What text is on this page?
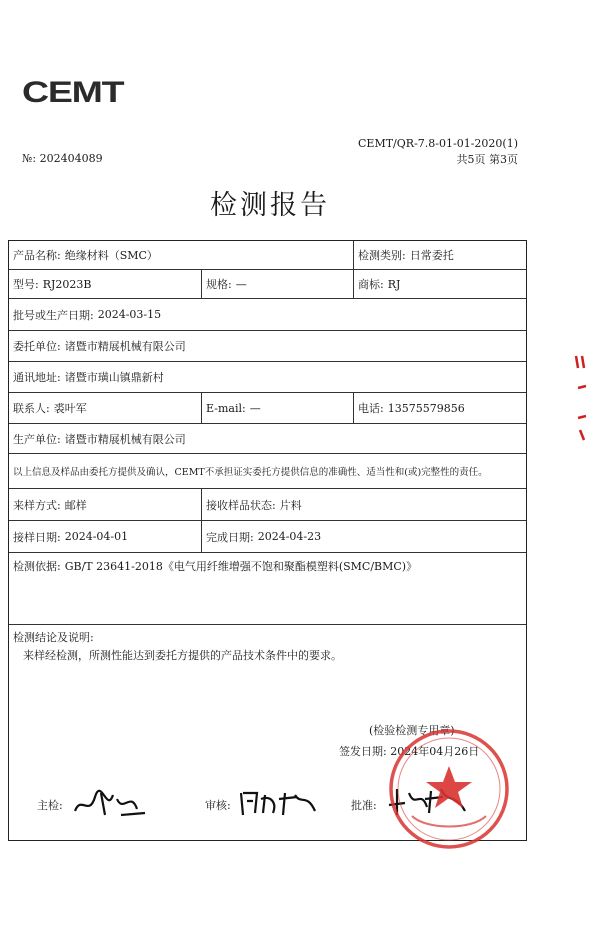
CEMT
CEMT/QR-7.8-01-01-2020(1)
共5页 第3页
№: 202404089
检测报告
产品名称: 绝缘材料（SMC）	检测类别: 日常委托
型号: RJ2023B	规格: —	商标: RJ
批号或生产日期: 2024-03-15
委托单位: 诸暨市精展机械有限公司
通讯地址: 诸暨市璜山镇鼎新村
联系人: 裘叶军	E-mail: —	电话: 13575579856
生产单位: 诸暨市精展机械有限公司
以上信息及样品由委托方提供及确认，CEMT不承担证实委托方提供信息的准确性、适当性和(或)完整性的责任。
来样方式: 邮样	接收样品状态: 片料
接样日期: 2024-04-01	完成日期: 2024-04-23
检测依据: GB/T 23641-2018《电气用纤维增强不饱和聚酯模塑料(SMC/BMC)》
检测结论及说明:
来样经检测，所测性能达到委托方提供的产品技术条件中的要求。
(检验检测专用章)
签发日期: 2024年04月26日
主检:	审核:	批准:
